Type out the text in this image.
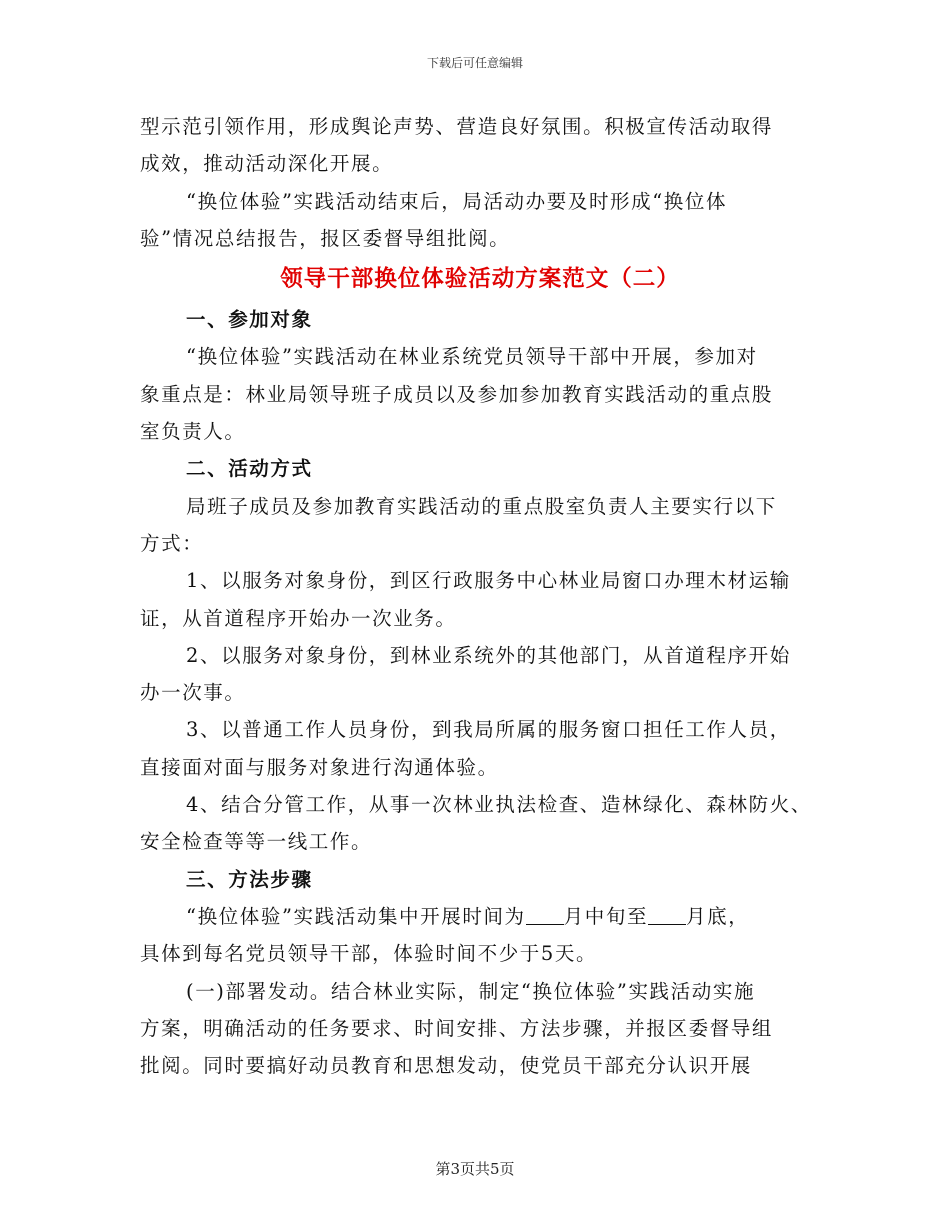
下载后可任意编辑
型示范引领作用，形成舆论声势、营造良好氛围。积极宣传活动取得
成效，推动活动深化开展。
“换位体验”实践活动结束后，局活动办要及时形成“换位体
验”情况总结报告，报区委督导组批阅。
领导干部换位体验活动方案范文（二）
一、参加对象
“换位体验”实践活动在林业系统党员领导干部中开展，参加对
象重点是：林业局领导班子成员以及参加参加教育实践活动的重点股
室负责人。
二、活动方式
局班子成员及参加教育实践活动的重点股室负责人主要实行以下
方式：
1、以服务对象身份，到区行政服务中心林业局窗口办理木材运输
证，从首道程序开始办一次业务。
2、以服务对象身份，到林业系统外的其他部门，从首道程序开始
办一次事。
3、以普通工作人员身份，到我局所属的服务窗口担任工作人员，
直接面对面与服务对象进行沟通体验。
4、结合分管工作，从事一次林业执法检查、造林绿化、森林防火、
安全检查等等一线工作。
三、方法步骤
“换位体验”实践活动集中开展时间为 月中旬至 月底，
具体到每名党员领导干部，体验时间不少于5天。
(一)部署发动。结合林业实际，制定“换位体验”实践活动实施
方案，明确活动的任务要求、时间安排、方法步骤，并报区委督导组
批阅。同时要搞好动员教育和思想发动，使党员干部充分认识开展
第3页共5页
